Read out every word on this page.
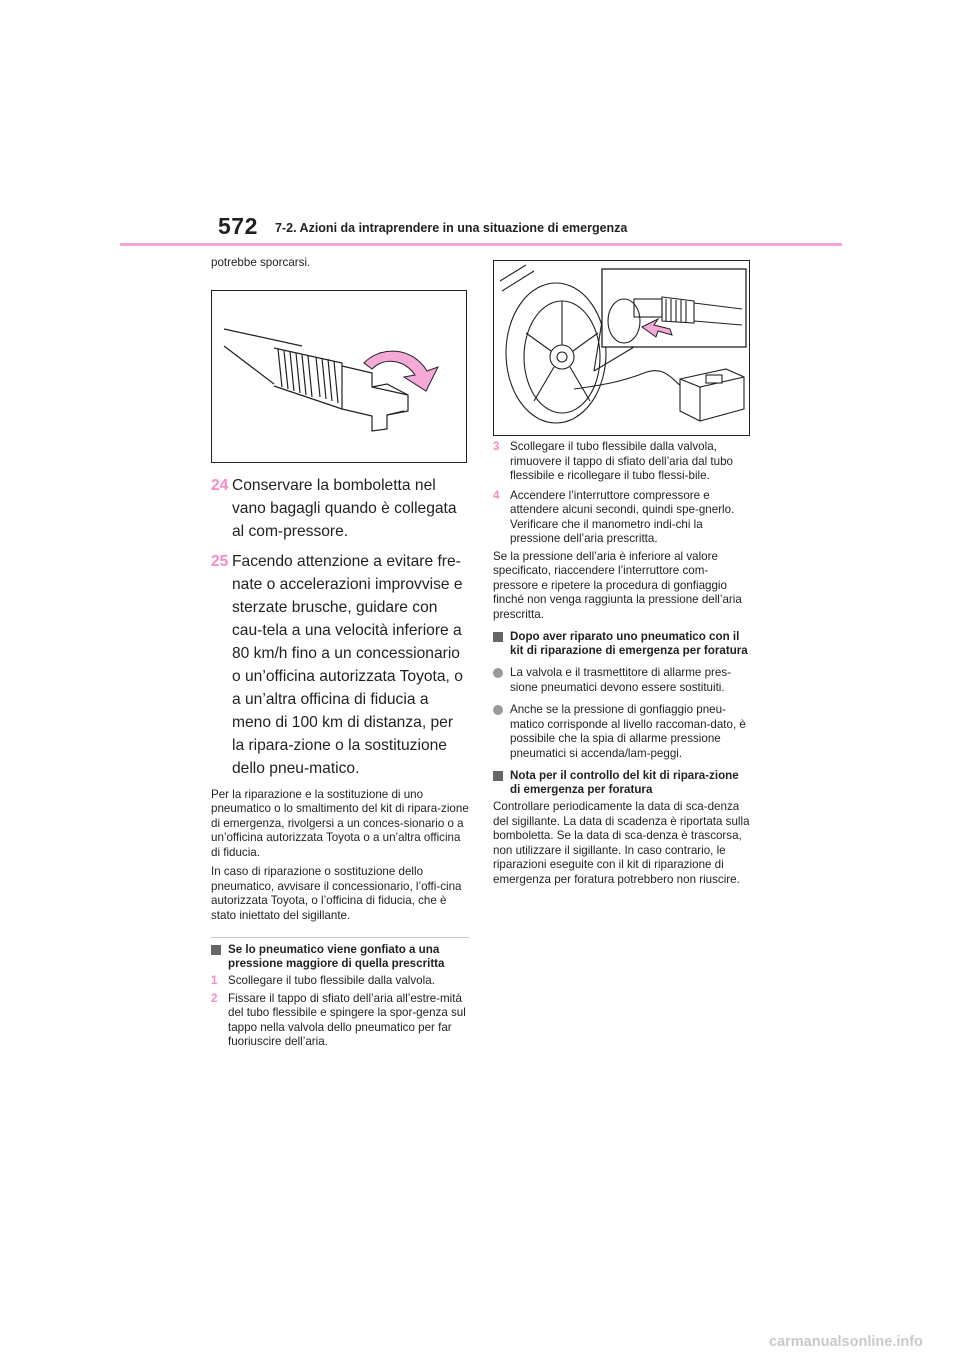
572 7-2. Azioni da intraprendere in una situazione di emergenza

potrebbe sporcarsi.

24 Conservare la bomboletta nel vano bagagli quando è collegata al com-pressore.
25 Facendo attenzione a evitare fre-nate o accelerazioni improvvise e sterzate brusche, guidare con cau-tela a una velocità inferiore a 80 km/h fino a un concessionario o un’officina autorizzata Toyota, o a un’altra officina di fiducia a meno di 100 km di distanza, per la ripara-zione o la sostituzione dello pneu-matico.

Per la riparazione e la sostituzione di uno pneumatico o lo smaltimento del kit di ripara-zione di emergenza, rivolgersi a un conces-sionario o a un’officina autorizzata Toyota o a un’altra officina di fiducia.

In caso di riparazione o sostituzione dello pneumatico, avvisare il concessionario, l’offi-cina autorizzata Toyota, o l’officina di fiducia, che è stato iniettato del sigillante.

Se lo pneumatico viene gonfiato a una pressione maggiore di quella prescritta
1 Scollegare il tubo flessibile dalla valvola.
2 Fissare il tappo di sfiato dell’aria all’estre-mità del tubo flessibile e spingere la spor-genza sul tappo nella valvola dello pneumatico per far fuoriuscire dell’aria.
3 Scollegare il tubo flessibile dalla valvola, rimuovere il tappo di sfiato dell’aria dal tubo flessibile e ricollegare il tubo flessi-bile.
4 Accendere l’interruttore compressore e attendere alcuni secondi, quindi spe-gnerlo. Verificare che il manometro indi-chi la pressione dell’aria prescritta.

Se la pressione dell’aria è inferiore al valore specificato, riaccendere l’interruttore com-pressore e ripetere la procedura di gonfiaggio finché non venga raggiunta la pressione dell’aria prescritta.

Dopo aver riparato uno pneumatico con il kit di riparazione di emergenza per foratura
La valvola e il trasmettitore di allarme pres-sione pneumatici devono essere sostituiti.
Anche se la pressione di gonfiaggio pneu-matico corrisponde al livello raccoman-dato, è possibile che la spia di allarme pressione pneumatici si accenda/lam-peggi.
Nota per il controllo del kit di ripara-zione di emergenza per foratura

Controllare periodicamente la data di sca-denza del sigillante. La data di scadenza è riportata sulla bomboletta. Se la data di sca-denza è trascorsa, non utilizzare il sigillante. In caso contrario, le riparazioni eseguite con il kit di riparazione di emergenza per foratura potrebbero non riuscire.

carmanualsonline.info
